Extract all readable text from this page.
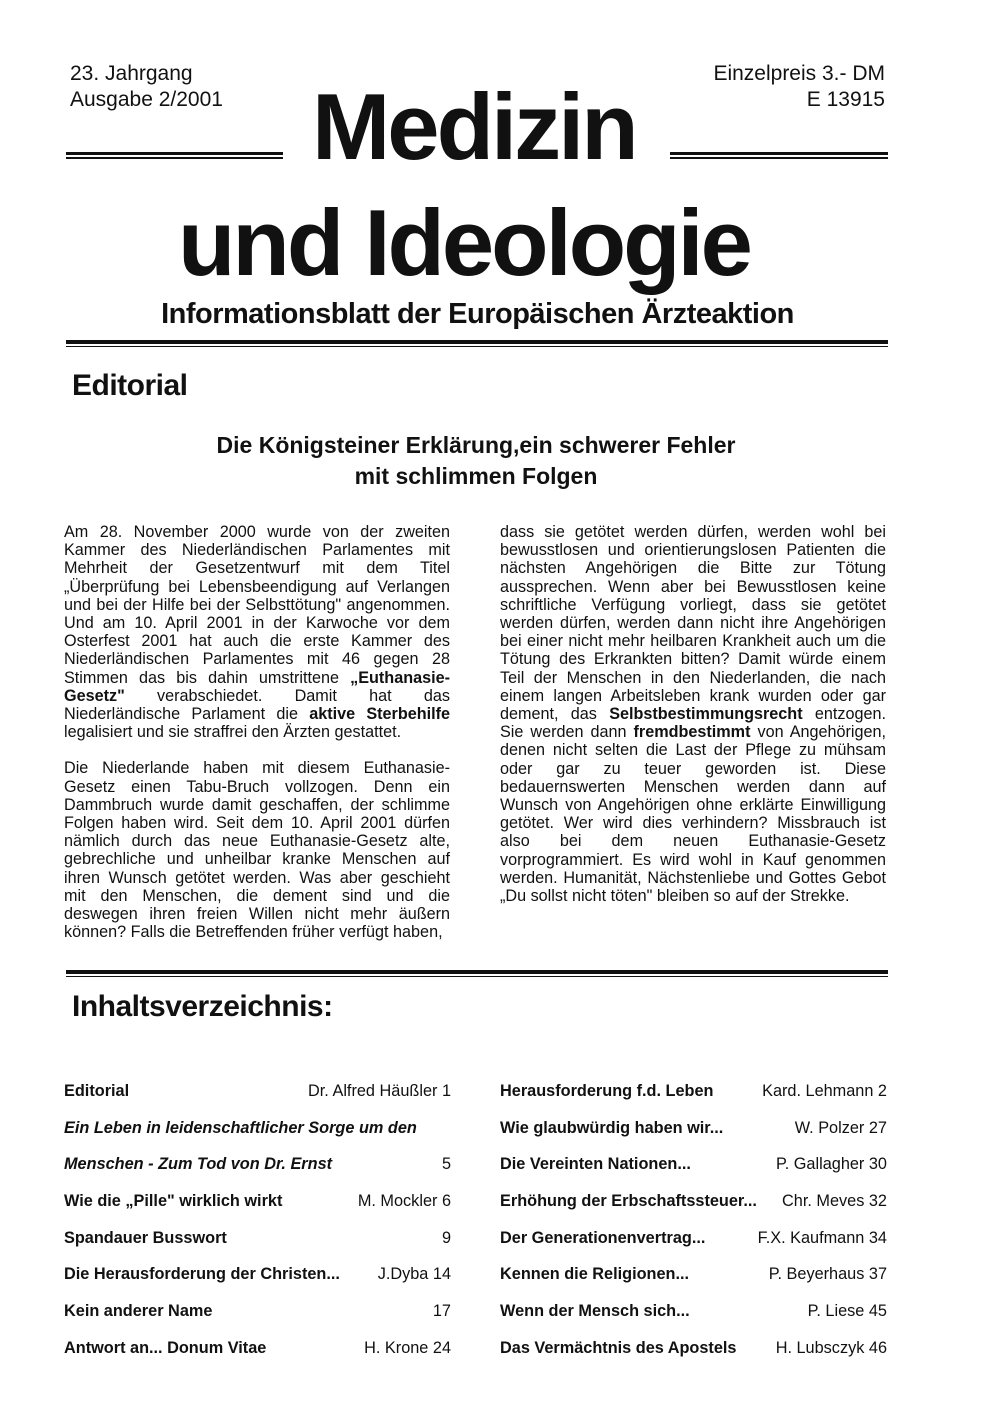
23. Jahrgang
Ausgabe 2/2001
Einzelpreis 3.- DM
E 13915
Medizin
und Ideologie
Informationsblatt der Europäischen Ärzteaktion
Editorial
Die Königsteiner Erklärung,ein schwerer Fehler
mit schlimmen Folgen

Am 28. November 2000 wurde von der zweiten Kammer des Niederländischen Parlamentes mit Mehrheit der Gesetzentwurf mit dem Titel „Überprüfung bei Lebensbeendigung auf Verlangen und bei der Hilfe bei der Selbsttötung" angenommen. Und am 10. April 2001 in der Karwoche vor dem Osterfest 2001 hat auch die erste Kammer des Niederländischen Parlamentes mit 46 gegen 28 Stimmen das bis dahin umstrittene „Euthanasie-Gesetz" verabschiedet. Damit hat das Niederländische Parlament die aktive Sterbehilfe legalisiert und sie straffrei den Ärzten gestattet.

Die Niederlande haben mit diesem Euthanasie-Gesetz einen Tabu-Bruch vollzogen. Denn ein Dammbruch wurde damit geschaffen, der schlimme Folgen haben wird. Seit dem 10. April 2001 dürfen nämlich durch das neue Euthanasie-Gesetz alte, gebrechliche und unheilbar kranke Menschen auf ihren Wunsch getötet werden. Was aber geschieht mit den Menschen, die dement sind und die deswegen ihren freien Willen nicht mehr äußern können? Falls die Betreffenden früher verfügt haben,

dass sie getötet werden dürfen, werden wohl bei bewusstlosen und orientierungslosen Patienten die nächsten Angehörigen die Bitte zur Tötung aussprechen. Wenn aber bei Bewusstlosen keine schriftliche Verfügung vorliegt, dass sie getötet werden dürfen, werden dann nicht ihre Angehörigen bei einer nicht mehr heilbaren Krankheit auch um die Tötung des Erkrankten bitten? Damit würde einem Teil der Menschen in den Niederlanden, die nach einem langen Arbeitsleben krank wurden oder gar dement, das Selbstbestimmungsrecht entzogen. Sie werden dann fremdbestimmt von Angehörigen, denen nicht selten die Last der Pflege zu mühsam oder gar zu teuer geworden ist. Diese bedauernswerten Menschen werden dann auf Wunsch von Angehörigen ohne erklärte Einwilligung getötet. Wer wird dies verhindern? Missbrauch ist also bei dem neuen Euthanasie-Gesetz vorprogrammiert. Es wird wohl in Kauf genommen werden. Humanität, Nächstenliebe und Gottes Gebot „Du sollst nicht töten" bleiben so auf der Strekke.

Inhaltsverzeichnis:
Editorial	Dr. Alfred Häußler 1
Ein Leben in leidenschaftlicher Sorge um den
Menschen - Zum Tod von Dr. Ernst	5
Wie die „Pille" wirklich wirkt	M. Mockler 6
Spandauer Busswort	9
Die Herausforderung der Christen... J.Dyba 14
Kein anderer Name	17
Antwort an... Donum Vitae	H. Krone 24
Herausforderung f.d. Leben	Kard. Lehmann 2
Wie glaubwürdig haben wir...	W. Polzer 27
Die Vereinten Nationen...	P. Gallagher 30
Erhöhung der Erbschaftssteuer... Chr. Meves 32
Der Generationenvertrag...	F.X. Kaufmann 34
Kennen die Religionen...	P. Beyerhaus 37
Wenn der Mensch sich...	P. Liese 45
Das Vermächtnis des Apostels H. Lubsczyk 46
